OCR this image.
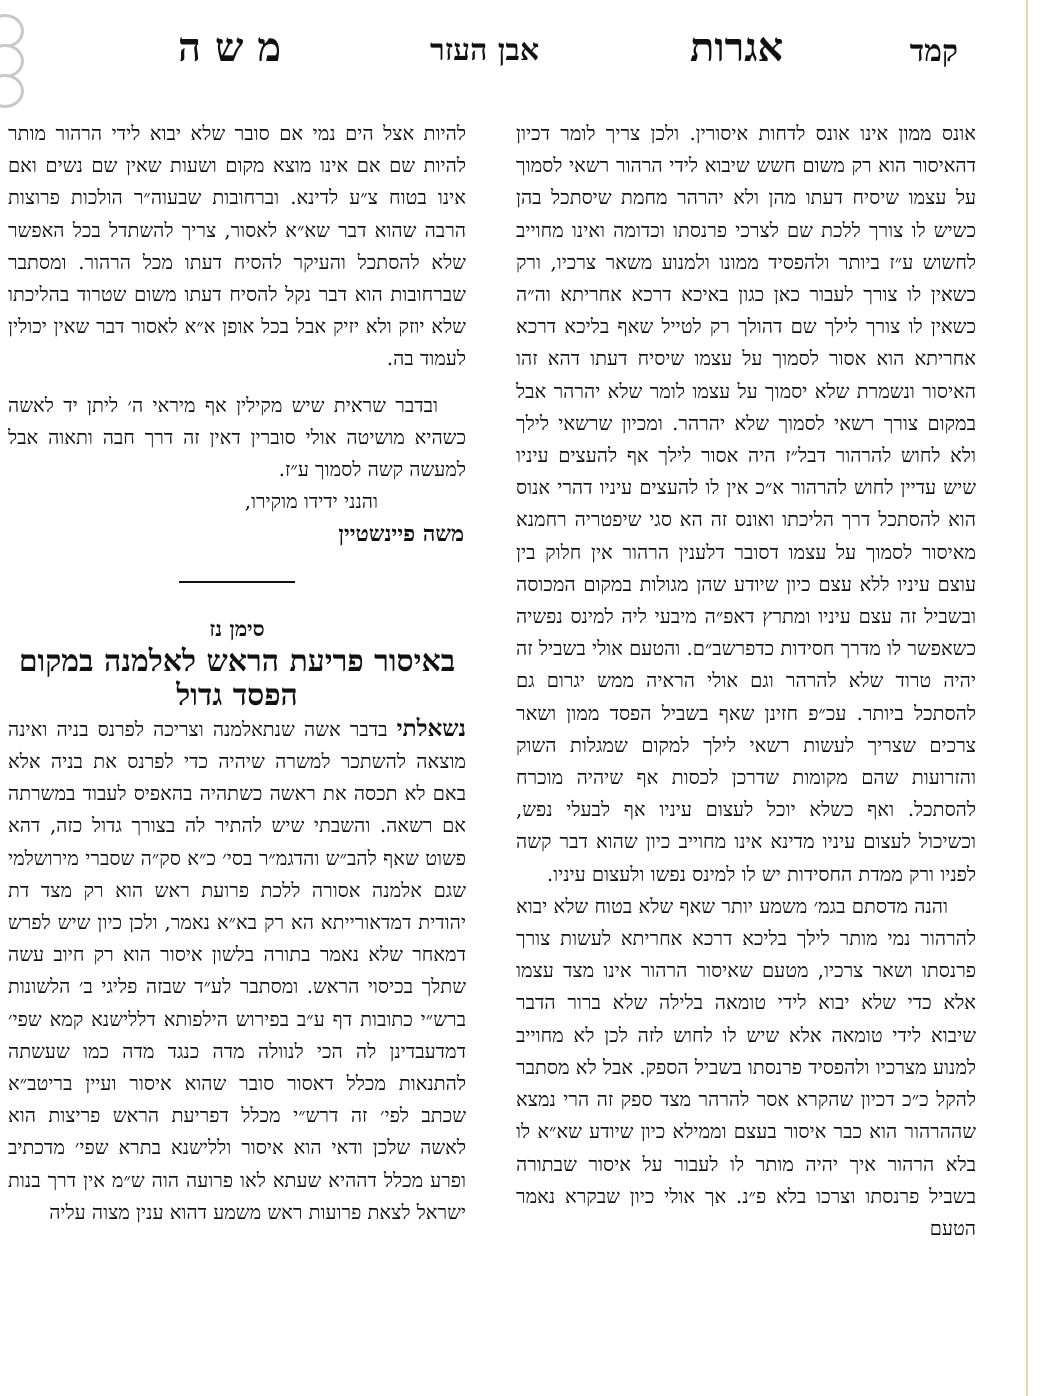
קמד
אגרות
אבן העזר
משה

אונס ממון אינו אונס לדחות איסורין. ולכן צריך לומר דכיון דהאיסור הוא רק משום חשש שיבוא לידי הרהור רשאי לסמוך על עצמו שיסיח דעתו מהן ולא יהרהר מחמת שיסתכל בהן כשיש לו צורך ללכת שם לצרכי פרנסתו וכדומה ואינו מחוייב לחשוש ע״ז ביותר ולהפסיד ממונו ולמנוע משאר צרכיו, ורק כשאין לו צורך לעבור כאן כגון באיכא דרכא אחריתא וה״ה כשאין לו צורך לילך שם דהולך רק לטייל שאף בליכא דרכא אחריתא הוא אסור לסמוך על עצמו שיסיח דעתו דהא זהו האיסור ונשמרת שלא יסמוך על עצמו לומר שלא יהרהר אבל במקום צורך רשאי לסמוך שלא יהרהר. ומכיון שרשאי לילך ולא לחוש להרהור דבל״ז היה אסור לילך אף להעצים עיניו שיש עדיין לחוש להרהור א״כ אין לו להעצים עיניו דהרי אנוס הוא להסתכל דרך הליכתו ואונס זה הא סגי שיפטריה רחמנא מאיסור לסמוך על עצמו דסובר דלענין הרהור אין חלוק בין עוצם עיניו ללא עצם כיון שיודע שהן מגולות במקום המכוסה ובשביל זה עצם עיניו ומתרץ דאפ״ה מיבעי ליה למינס נפשיה כשאפשר לו מדרך חסידות כדפרשב״ם. והטעם אולי בשביל זה יהיה טרוד שלא להרהר וגם אולי הראיה ממש יגרום גם להסתכל ביותר. עכ״פ חזינן שאף בשביל הפסד ממון ושאר צרכים שצריך לעשות רשאי לילך למקום שמגלות השוק והזרועות שהם מקומות שדרכן לכסות אף שיהיה מוכרח להסתכל. ואף כשלא יוכל לעצום עיניו אף לבעלי נפש, וכשיכול לעצום עיניו מדינא אינו מחוייב כיון שהוא דבר קשה לפניו ורק ממדת החסידות יש לו למינס נפשו ולעצום עיניו.

והנה מדסתם בגמ׳ משמע יותר שאף שלא בטוח שלא יבוא להרהור נמי מותר לילך בליכא דרכא אחריתא לעשות צורך פרנסתו ושאר צרכיו, מטעם שאיסור הרהור אינו מצד עצמו אלא כדי שלא יבוא לידי טומאה בלילה שלא ברור הדבר שיבוא לידי טומאה אלא שיש לו לחוש לזה לכן לא מחוייב למנוע מצרכיו ולהפסיד פרנסתו בשביל הספק. אבל לא מסתבר להקל כ״כ דכיון שהקרא אסר להרהר מצד ספק זה הרי נמצא שההרהור הוא כבר איסור בעצם וממילא כיון שיודע שא״א לו בלא הרהור איך יהיה מותר לו לעבור על איסור שבתורה בשביל פרנסתו וצרכו בלא פ״נ. אך אולי כיון שבקרא נאמר הטעם

להיות אצל הים נמי אם סובר שלא יבוא לידי הרהור מותר להיות שם אם אינו מוצא מקום ושעות שאין שם נשים ואם אינו בטוח צ״ע לדינא. וברחובות שבעוה״ר הולכות פרוצות הרבה שהוא דבר שא״א לאסור, צריך להשתדל בכל האפשר שלא להסתכל והעיקר להסיח דעתו מכל הרהור. ומסתבר שברחובות הוא דבר נקל להסיח דעתו משום שטרוד בהליכתו שלא יוזק ולא יזיק אבל בכל אופן א״א לאסור דבר שאין יכולין לעמוד בה.

ובדבר שראית שיש מקילין אף מיראי ה׳ ליתן יד לאשה כשהיא מושיטה אולי סוברין דאין זה דרך חבה ותאוה אבל למעשה קשה לסמוך ע״ז.

והנני ידידו מוקירו,

משה פיינשטיין

סימן נז

באיסור פריעת הראש לאלמנה במקום הפסד גדול

נשאלתי בדבר אשה שנתאלמנה וצריכה לפרנס בניה ואינה מוצאה להשתכר למשרה שיהיה כדי לפרנס את בניה אלא באם לא תכסה את ראשה כשתהיה בהאפיס לעבוד במשרתה אם רשאה. והשבתי שיש להתיר לה בצורך גדול כזה, דהא פשוט שאף להב״ש והדגמ״ר בסי׳ כ״א סק״ה שסברי מירושלמי שגם אלמנה אסורה ללכת פרועת ראש הוא רק מצד דת יהודית דמדאורייתא הא רק בא״א נאמר, ולכן כיון שיש לפרש דמאחר שלא נאמר בתורה בלשון איסור הוא רק חיוב עשה שתלך בכיסוי הראש. ומסתבר לע״ד שבזה פליגי ב׳ הלשונות ברש״י כתובות דף ע״ב בפירוש הילפותא דללישנא קמא שפי׳ דמדעבדינן לה הכי לנוולה מדה כנגד מדה כמו שעשתה להתנאות מכלל דאסור סובר שהוא איסור ועיין בריטב״א שכתב לפי׳ זה דרש״י מכלל דפריעת הראש פריצות הוא לאשה שלכן ודאי הוא איסור וללישנא בתרא שפי׳ מדכתיב ופרע מכלל דההיא שעתא לאו פרועה הוה ש״מ אין דרך בנות ישראל לצאת פרועות ראש משמע דהוא ענין מצוה עליה
